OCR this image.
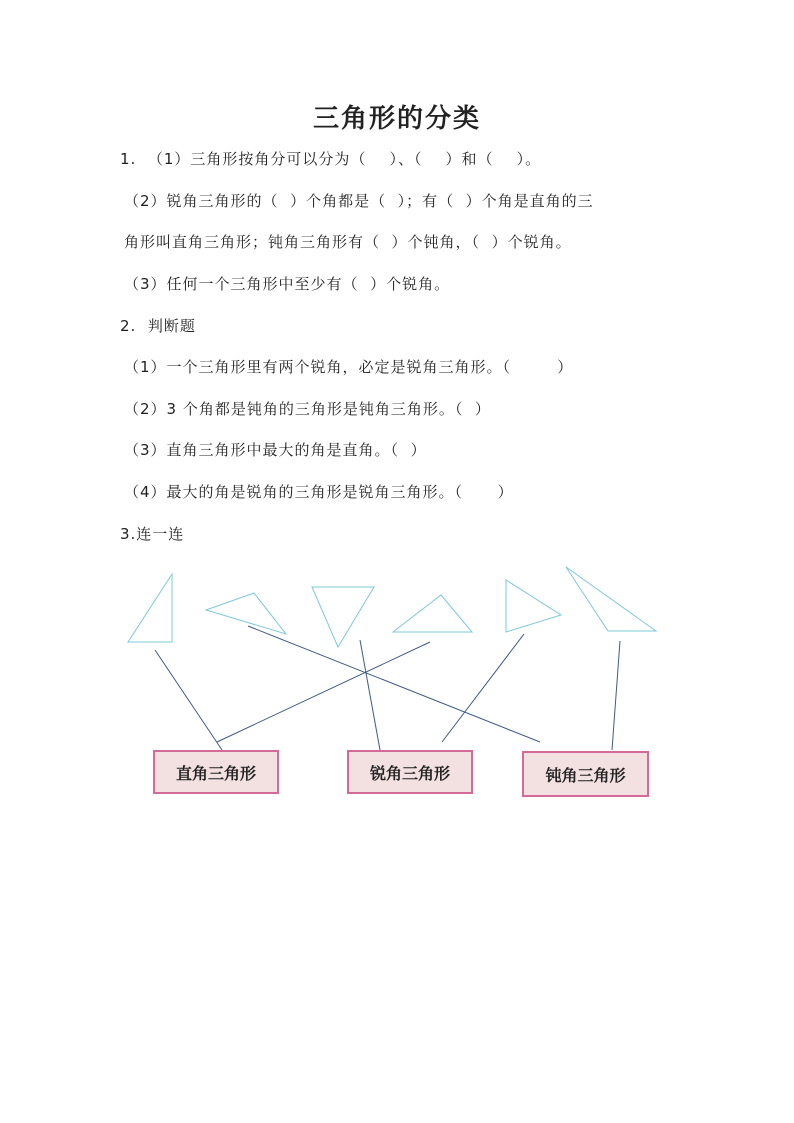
三角形的分类
1.  （1）三角形按角分可以分为（    ）、（    ）和（    ）。
（2）锐角三角形的（  ）个角都是（  ）；有（  ）个角是直角的三
角形叫直角三角形；钝角三角形有（  ）个钝角，（  ）个锐角。
（3）任何一个三角形中至少有（  ）个锐角。
2.  判断题
（1）一个三角形里有两个锐角，必定是锐角三角形。（        ）
（2）3 个角都是钝角的三角形是钝角三角形。（  ）
（3）直角三角形中最大的角是直角。（  ）
（4）最大的角是锐角的三角形是锐角三角形。（      ）
3.连一连
直角三角形	锐角三角形	钝角三角形
